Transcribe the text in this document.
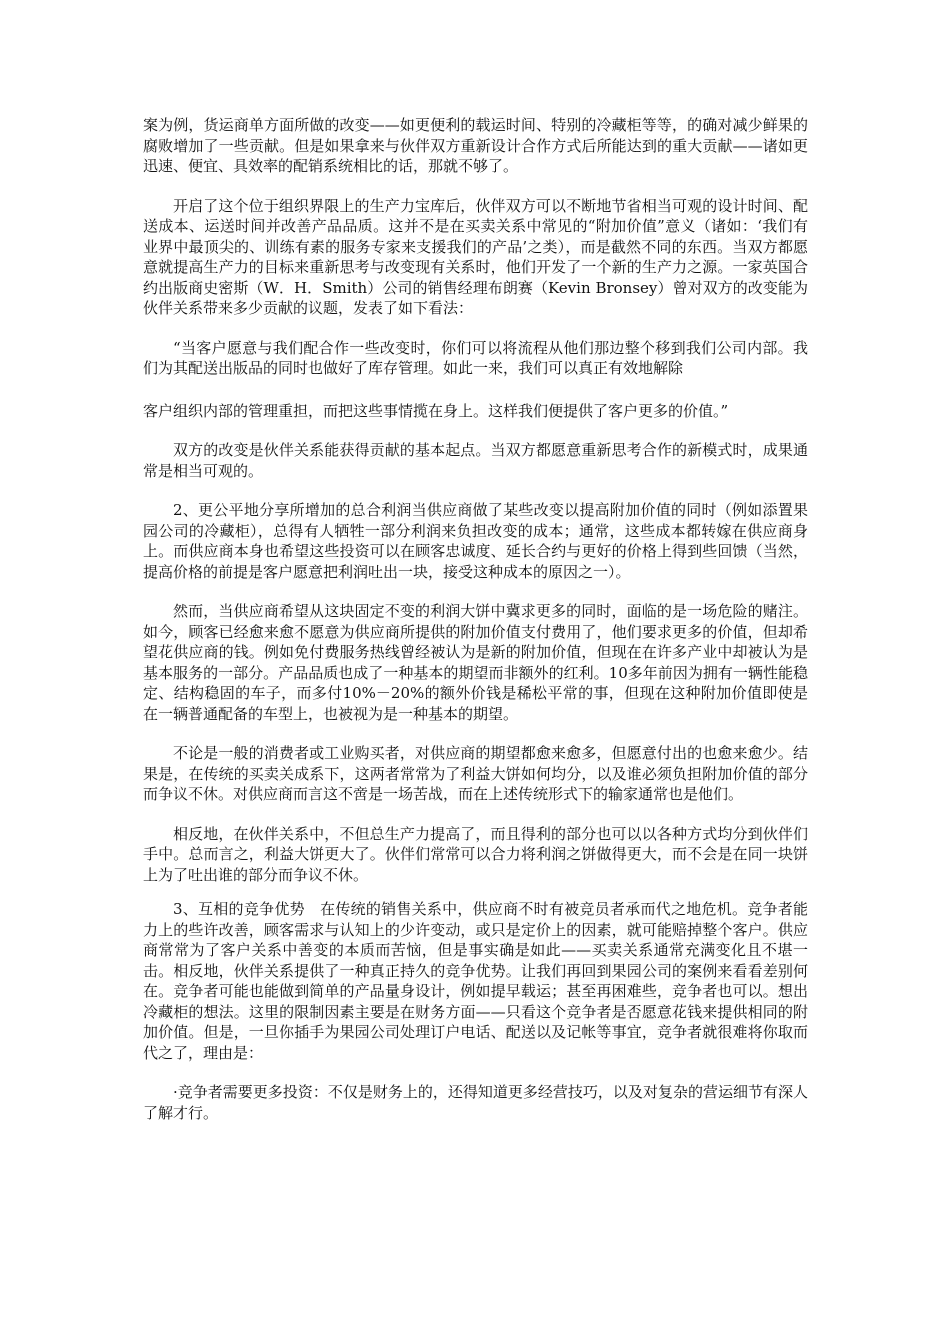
案为例，货运商单方面所做的改变——如更便利的载运时间、特别的冷藏柜等等，的确对减少鲜果的腐败增加了一些贡献。但是如果拿来与伙伴双方重新设计合作方式后所能达到的重大贡献——诸如更迅速、便宜、具效率的配销系统相比的话，那就不够了。

开启了这个位于组织界限上的生产力宝库后，伙伴双方可以不断地节省相当可观的设计时间、配送成本、运送时间并改善产品品质。这并不是在买卖关系中常见的“附加价值”意义（诸如：‘我们有业界中最顶尖的、训练有素的服务专家来支援我们的产品’之类），而是截然不同的东西。当双方都愿意就提高生产力的目标来重新思考与改变现有关系时，他们开发了一个新的生产力之源。一家英国合约出版商史密斯（W．H．Smith）公司的销售经理布朗赛（Kevin Bronsey）曾对双方的改变能为伙伴关系带来多少贡献的议题，发表了如下看法：

“当客户愿意与我们配合作一些改变时，你们可以将流程从他们那边整个移到我们公司内部。我们为其配送出版品的同时也做好了库存管理。如此一来，我们可以真正有效地解除

客户组织内部的管理重担，而把这些事情揽在身上。这样我们便提供了客户更多的价值。”

双方的改变是伙伴关系能获得贡献的基本起点。当双方都愿意重新思考合作的新模式时，成果通常是相当可观的。

2、更公平地分享所增加的总合利润当供应商做了某些改变以提高附加价值的同时（例如添置果园公司的冷藏柜），总得有人牺牲一部分利润来负担改变的成本；通常，这些成本都转嫁在供应商身上。而供应商本身也希望这些投资可以在顾客忠诚度、延长合约与更好的价格上得到些回馈（当然，提高价格的前提是客户愿意把利润吐出一块，接受这种成本的原因之一）。

然而，当供应商希望从这块固定不变的利润大饼中冀求更多的同时，面临的是一场危险的赌注。如今，顾客已经愈来愈不愿意为供应商所提供的附加价值支付费用了，他们要求更多的价值，但却希望花供应商的钱。例如免付费服务热线曾经被认为是新的附加价值，但现在在许多产业中却被认为是基本服务的一部分。产品品质也成了一种基本的期望而非额外的红利。10多年前因为拥有一辆性能稳定、结构稳固的车子，而多付10%－20%的额外价钱是稀松平常的事，但现在这种附加价值即使是在一辆普通配备的车型上，也被视为是一种基本的期望。

不论是一般的消费者或工业购买者，对供应商的期望都愈来愈多，但愿意付出的也愈来愈少。结果是，在传统的买卖关成系下，这两者常常为了利益大饼如何均分，以及谁必须负担附加价值的部分而争议不休。对供应商而言这不啻是一场苦战，而在上述传统形式下的输家通常也是他们。

相反地，在伙伴关系中，不但总生产力提高了，而且得利的部分也可以以各种方式均分到伙伴们手中。总而言之，利益大饼更大了。伙伴们常常可以合力将利润之饼做得更大，而不会是在同一块饼上为了吐出谁的部分而争议不休。

3、互相的竞争优势　在传统的销售关系中，供应商不时有被竞员者承而代之地危机。竞争者能力上的些许改善，顾客需求与认知上的少许变动，或只是定价上的因素，就可能赔掉整个客户。供应商常常为了客户关系中善变的本质而苦恼，但是事实确是如此——买卖关系通常充满变化且不堪一击。相反地，伙伴关系提供了一种真正持久的竞争优势。让我们再回到果园公司的案例来看看差别何在。竞争者可能也能做到简单的产品量身设计，例如提早载运；甚至再困难些，竞争者也可以。想出冷藏柜的想法。这里的限制因素主要是在财务方面——只看这个竞争者是否愿意花钱来提供相同的附加价值。但是，一旦你插手为果园公司处理订户电话、配送以及记帐等事宜，竞争者就很难将你取而代之了，理由是：

·竞争者需要更多投资：不仅是财务上的，还得知道更多经营技巧，以及对复杂的营运细节有深人了解才行。
